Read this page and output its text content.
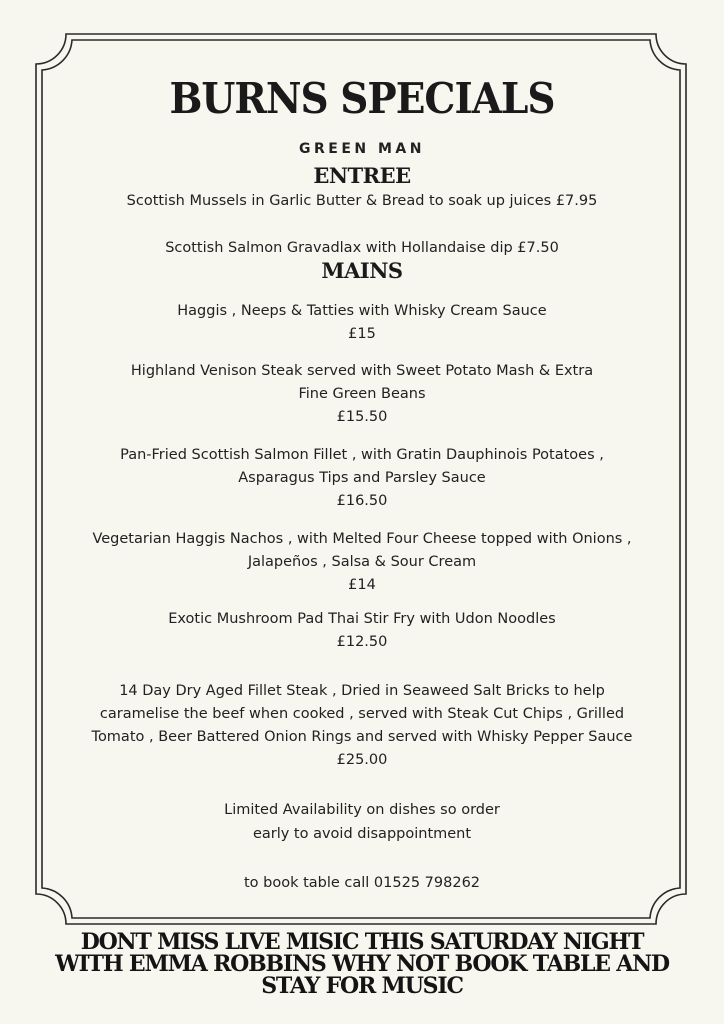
BURNS SPECIALS
GREEN MAN
ENTREE
Scottish Mussels in Garlic Butter & Bread to soak up juices £7.95
Scottish Salmon Gravadlax with Hollandaise dip £7.50
MAINS
Haggis , Neeps & Tatties with Whisky Cream Sauce
£15
Highland Venison Steak served with Sweet Potato Mash & Extra
Fine Green Beans
£15.50
Pan-Fried Scottish Salmon Fillet , with Gratin Dauphinois Potatoes ,
Asparagus Tips and Parsley Sauce
£16.50
Vegetarian Haggis Nachos , with Melted Four Cheese topped with Onions ,
Jalapeños , Salsa & Sour Cream
£14
Exotic Mushroom Pad Thai Stir Fry with Udon Noodles
£12.50
14 Day Dry Aged Fillet Steak , Dried in Seaweed Salt Bricks to help
caramelise the beef when cooked , served with Steak Cut Chips , Grilled
Tomato , Beer Battered Onion Rings and served with Whisky Pepper Sauce
£25.00
Limited Availability on dishes so order
early to avoid disappointment
to book table call 01525 798262
DONT MISS LIVE MISIC THIS SATURDAY NIGHT
WITH EMMA ROBBINS WHY NOT BOOK TABLE AND
STAY FOR MUSIC
